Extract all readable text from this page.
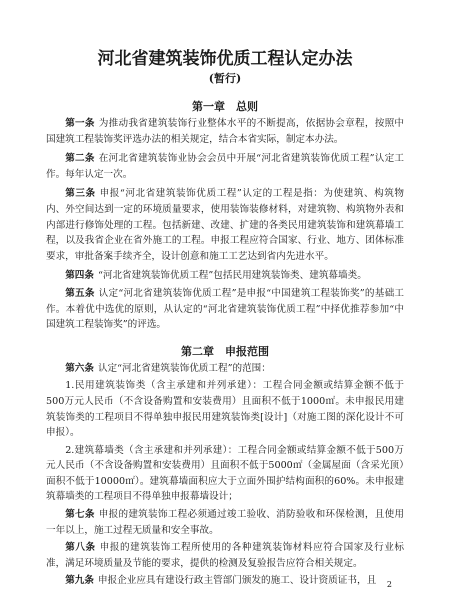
河北省建筑装饰优质工程认定办法
(暂行)
第一章　总则

第一条 为推动我省建筑装饰行业整体水平的不断提高，依据协会章程，按照中国建筑工程装饰奖评选办法的相关规定，结合本省实际，制定本办法。

第二条 在河北省建筑装饰业协会会员中开展“河北省建筑装饰优质工程”认定工作。每年认定一次。

第三条 申报“河北省建筑装饰优质工程”认定的工程是指：为使建筑、构筑物内、外空间达到一定的环境质量要求，使用装饰装修材料，对建筑物、构筑物外表和内部进行修饰处理的工程。包括新建、改建、扩建的各类民用建筑装饰和建筑幕墙工程，以及我省企业在省外施工的工程。申报工程应符合国家、行业、地方、团体标准要求，审批备案手续齐全，设计创意和施工工艺达到省内先进水平。

第四条 “河北省建筑装饰优质工程”包括民用建筑装饰类、建筑幕墙类。

第五条 认定“河北省建筑装饰优质工程”是申报“中国建筑工程装饰奖”的基础工作。本着优中选优的原则，从认定的“河北省建筑装饰优质工程”中择优推荐参加“中国建筑工程装饰奖”的评选。

第二章　申报范围

第六条 认定“河北省建筑装饰优质工程”的范围：

1.民用建筑装饰类（含主承建和并列承建）：工程合同金额或结算金额不低于500万元人民币（不含设备购置和安装费用）且面积不低于1000㎡。未申报民用建筑装饰类的工程项目不得单独申报民用建筑装饰类[设计]（对施工图的深化设计不可申报）。

2.建筑幕墙类（含主承建和并列承建）：工程合同金额或结算金额不低于500万元人民币（不含设备购置和安装费用）且面积不低于5000㎡（金属屋面（含采光顶）面积不低于10000㎡）。建筑幕墙面积应大于立面外围护结构面积的60%。未申报建筑幕墙类的工程项目不得单独申报幕墙设计；

第七条 申报的建筑装饰工程必须通过竣工验收、消防验收和环保检测，且使用一年以上，施工过程无质量和安全事故。

第八条 申报的建筑装饰工程所使用的各种建筑装饰材料应符合国家及行业标准，满足环境质量及节能的要求，提供的检测及复验报告应符合相关规定。

第九条 申报企业应具有建设行政主管部门颁发的施工、设计资质证书，且	2
